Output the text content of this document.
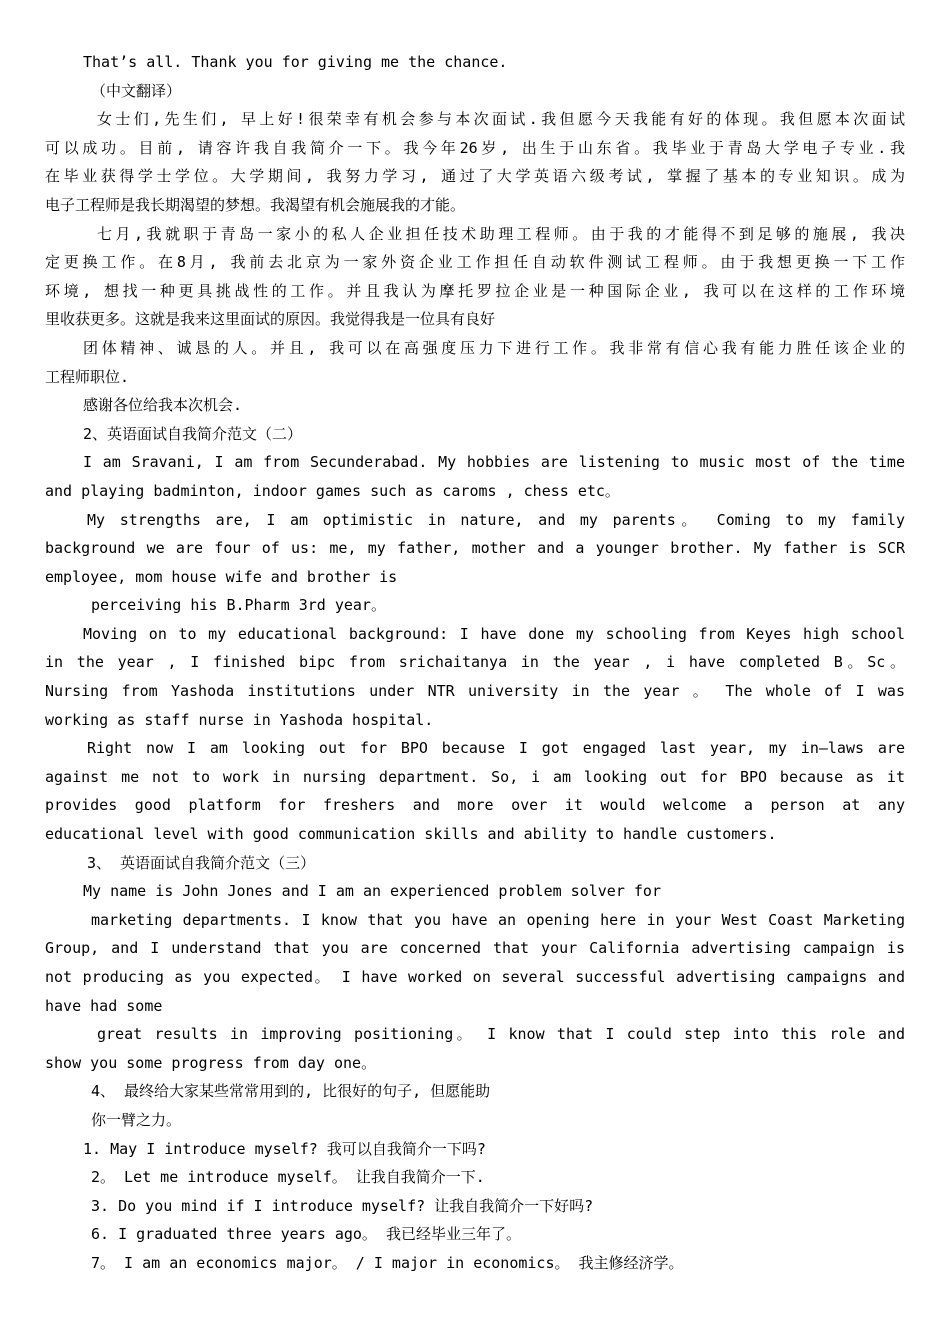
That’s all. Thank you for giving me the chance.
（中文翻译）
女士们,先生们, 早上好!很荣幸有机会参与本次面试.我但愿今天我能有好的体现。我但愿本次面试
可以成功。目前, 请容许我自我简介一下。我今年26岁, 出生于山东省。我毕业于青岛大学电子专业.我
在毕业获得学士学位。大学期间, 我努力学习, 通过了大学英语六级考试, 掌握了基本的专业知识。成为
电子工程师是我长期渴望的梦想。我渴望有机会施展我的才能。
七月,我就职于青岛一家小的私人企业担任技术助理工程师。由于我的才能得不到足够的施展, 我决
定更换工作。在8月, 我前去北京为一家外资企业工作担任自动软件测试工程师。由于我想更换一下工作
环境, 想找一种更具挑战性的工作。并且我认为摩托罗拉企业是一种国际企业, 我可以在这样的工作环境
里收获更多。这就是我来这里面试的原因。我觉得我是一位具有良好
团体精神、诚恳的人。并且, 我可以在高强度压力下进行工作。我非常有信心我有能力胜任该企业的
工程师职位.
感谢各位给我本次机会.
2、英语面试自我简介范文（二）
I am Sravani, I am from Secunderabad. My hobbies are listening to music most of the time
and playing badminton, indoor games such as caroms , chess etc。
My strengths are, I am optimistic in nature, and my parents。 Coming to my family
background we are four of us: me, my father, mother and a younger brother. My father is SCR
employee, mom house wife and brother is
perceiving his B.Pharm 3rd year。
Moving on to my educational background: I have done my schooling from Keyes high school
in the year , I finished bipc from srichaitanya in the year , i have completed B。Sc。
Nursing from Yashoda institutions under NTR university in the year 。 The whole of I was
working as staff nurse in Yashoda hospital.
Right now I am looking out for BPO because I got engaged last year, my in—laws are
against me not to work in nursing department. So, i am looking out for BPO because as it
provides good platform for freshers and more over it would welcome a person at any
educational level with good communication skills and ability to handle customers.
3、 英语面试自我简介范文（三）
My name is John Jones and I am an experienced problem solver for
marketing departments. I know that you have an opening here in your West Coast Marketing
Group, and I understand that you are concerned that your California advertising campaign is
not producing as you expected。 I have worked on several successful advertising campaigns and
have had some
great results in improving positioning。 I know that I could step into this role and
show you some progress from day one。
4、 最终给大家某些常常用到的, 比很好的句子, 但愿能助
你一臂之力。
1. May I introduce myself? 我可以自我简介一下吗?
2。 Let me introduce myself。 让我自我简介一下.
3. Do you mind if I introduce myself? 让我自我简介一下好吗?
6. I graduated three years ago。 我已经毕业三年了。
7。 I am an economics major。 / I major in economics。 我主修经济学。
